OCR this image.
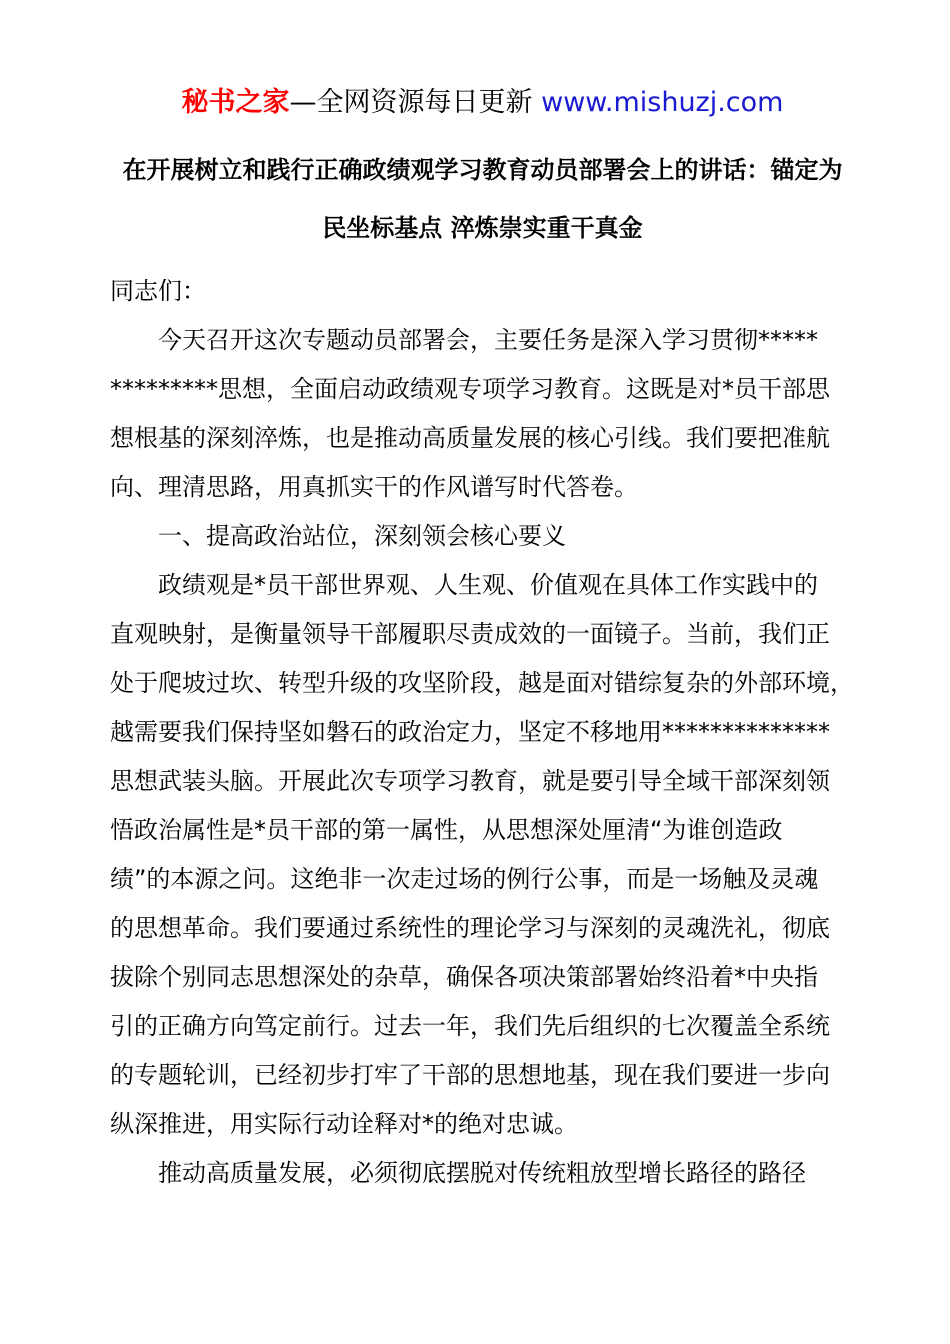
秘书之家—全网资源每日更新 www.mishuzj.com
在开展树立和践行正确政绩观学习教育动员部署会上的讲话：锚定为
民坐标基点 淬炼崇实重干真金
同志们：
　　今天召开这次专题动员部署会，主要任务是深入学习贯彻*****
*********思想，全面启动政绩观专项学习教育。这既是对*员干部思
想根基的深刻淬炼，也是推动高质量发展的核心引线。我们要把准航
向、理清思路，用真抓实干的作风谱写时代答卷。
　　一、提高政治站位，深刻领会核心要义
　　政绩观是*员干部世界观、人生观、价值观在具体工作实践中的
直观映射，是衡量领导干部履职尽责成效的一面镜子。当前，我们正
处于爬坡过坎、转型升级的攻坚阶段，越是面对错综复杂的外部环境，
越需要我们保持坚如磐石的政治定力，坚定不移地用**************
思想武装头脑。开展此次专项学习教育，就是要引导全域干部深刻领
悟政治属性是*员干部的第一属性，从思想深处厘清“为谁创造政
绩”的本源之问。这绝非一次走过场的例行公事，而是一场触及灵魂
的思想革命。我们要通过系统性的理论学习与深刻的灵魂洗礼，彻底
拔除个别同志思想深处的杂草，确保各项决策部署始终沿着*中央指
引的正确方向笃定前行。过去一年，我们先后组织的七次覆盖全系统
的专题轮训，已经初步打牢了干部的思想地基，现在我们要进一步向
纵深推进，用实际行动诠释对*的绝对忠诚。
　　推动高质量发展，必须彻底摆脱对传统粗放型增长路径的路径
